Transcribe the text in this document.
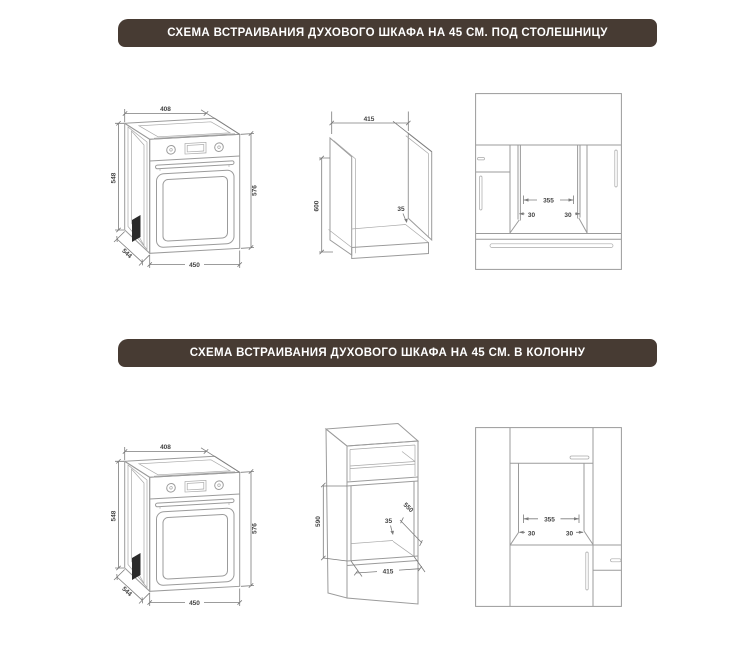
СХЕМА ВСТРАИВАНИЯ ДУХОВОГО ШКАФА НА 45 СМ. ПОД СТОЛЕШНИЦУ
408
548
544
450
576
415
600	35
355
30	30
СХЕМА ВСТРАИВАНИЯ ДУХОВОГО ШКАФА НА 45 СМ. В КОЛОННУ
408
548
544
450
576
590
550
35
415
355
30	30
